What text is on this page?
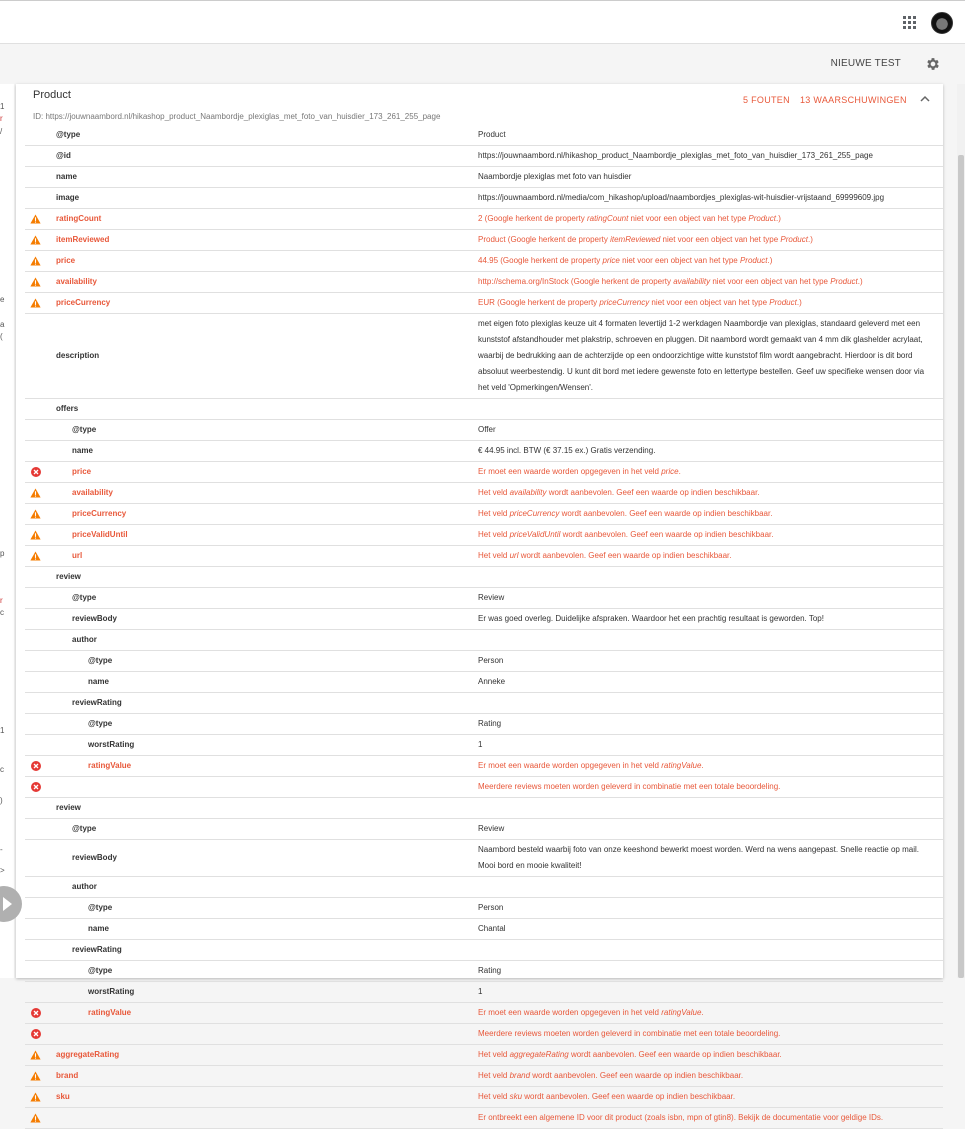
NIEUWE TEST
1
r
/
e
a
(
p
r
c
1
c
)
-
>
Product
ID: https://jouwnaambord.nl/hikashop_product_Naambordje_plexiglas_met_foto_van_huisdier_173_261_255_page
5 FOUTEN 13 WAARSCHUWINGEN
	@type	Product
	@id	https://jouwnaambord.nl/hikashop_product_Naambordje_plexiglas_met_foto_van_huisdier_173_261_255_page
	name	Naambordje plexiglas met foto van huisdier
	image	https://jouwnaambord.nl/media/com_hikashop/upload/naambordjes_plexiglas-wit-huisdier-vrijstaand_69999609.jpg
	ratingCount	2 (Google herkent de property ratingCount niet voor een object van het type Product.)
	itemReviewed	Product (Google herkent de property itemReviewed niet voor een object van het type Product.)
	price	44.95 (Google herkent de property price niet voor een object van het type Product.)
	availability	http://schema.org/InStock (Google herkent de property availability niet voor een object van het type Product.)
	priceCurrency	EUR (Google herkent de property priceCurrency niet voor een object van het type Product.)
	description	met eigen foto plexiglas keuze uit 4 formaten levertijd 1-2 werkdagen Naambordje van plexiglas, standaard geleverd met een kunststof afstandhouder met plakstrip, schroeven en pluggen. Dit naambord wordt gemaakt van 4 mm dik glashelder acrylaat, waarbij de bedrukking aan de achterzijde op een ondoorzichtige witte kunststof film wordt aangebracht. Hierdoor is dit bord absoluut weerbestendig. U kunt dit bord met iedere gewenste foto en lettertype bestellen. Geef uw specifieke wensen door via het veld 'Opmerkingen/Wensen'.
	offers	
	@type	Offer
	name	€ 44.95 incl. BTW (€ 37.15 ex.) Gratis verzending.
	price	Er moet een waarde worden opgegeven in het veld price.
	availability	Het veld availability wordt aanbevolen. Geef een waarde op indien beschikbaar.
	priceCurrency	Het veld priceCurrency wordt aanbevolen. Geef een waarde op indien beschikbaar.
	priceValidUntil	Het veld priceValidUntil wordt aanbevolen. Geef een waarde op indien beschikbaar.
	url	Het veld url wordt aanbevolen. Geef een waarde op indien beschikbaar.
	review	
	@type	Review
	reviewBody	Er was goed overleg. Duidelijke afspraken. Waardoor het een prachtig resultaat is geworden. Top!
	author	
	@type	Person
	name	Anneke
	reviewRating	
	@type	Rating
	worstRating	1
	ratingValue	Er moet een waarde worden opgegeven in het veld ratingValue.
		Meerdere reviews moeten worden geleverd in combinatie met een totale beoordeling.
	review	
	@type	Review
	reviewBody	Naambord besteld waarbij foto van onze keeshond bewerkt moest worden. Werd na wens aangepast. Snelle reactie op mail. Mooi bord en mooie kwaliteit!
	author	
	@type	Person
	name	Chantal
	reviewRating	
	@type	Rating
	worstRating	1
	ratingValue	Er moet een waarde worden opgegeven in het veld ratingValue.
		Meerdere reviews moeten worden geleverd in combinatie met een totale beoordeling.
	aggregateRating	Het veld aggregateRating wordt aanbevolen. Geef een waarde op indien beschikbaar.
	brand	Het veld brand wordt aanbevolen. Geef een waarde op indien beschikbaar.
	sku	Het veld sku wordt aanbevolen. Geef een waarde op indien beschikbaar.
		Er ontbreekt een algemene ID voor dit product (zoals isbn, mpn of gtin8). Bekijk de documentatie voor geldige IDs.
